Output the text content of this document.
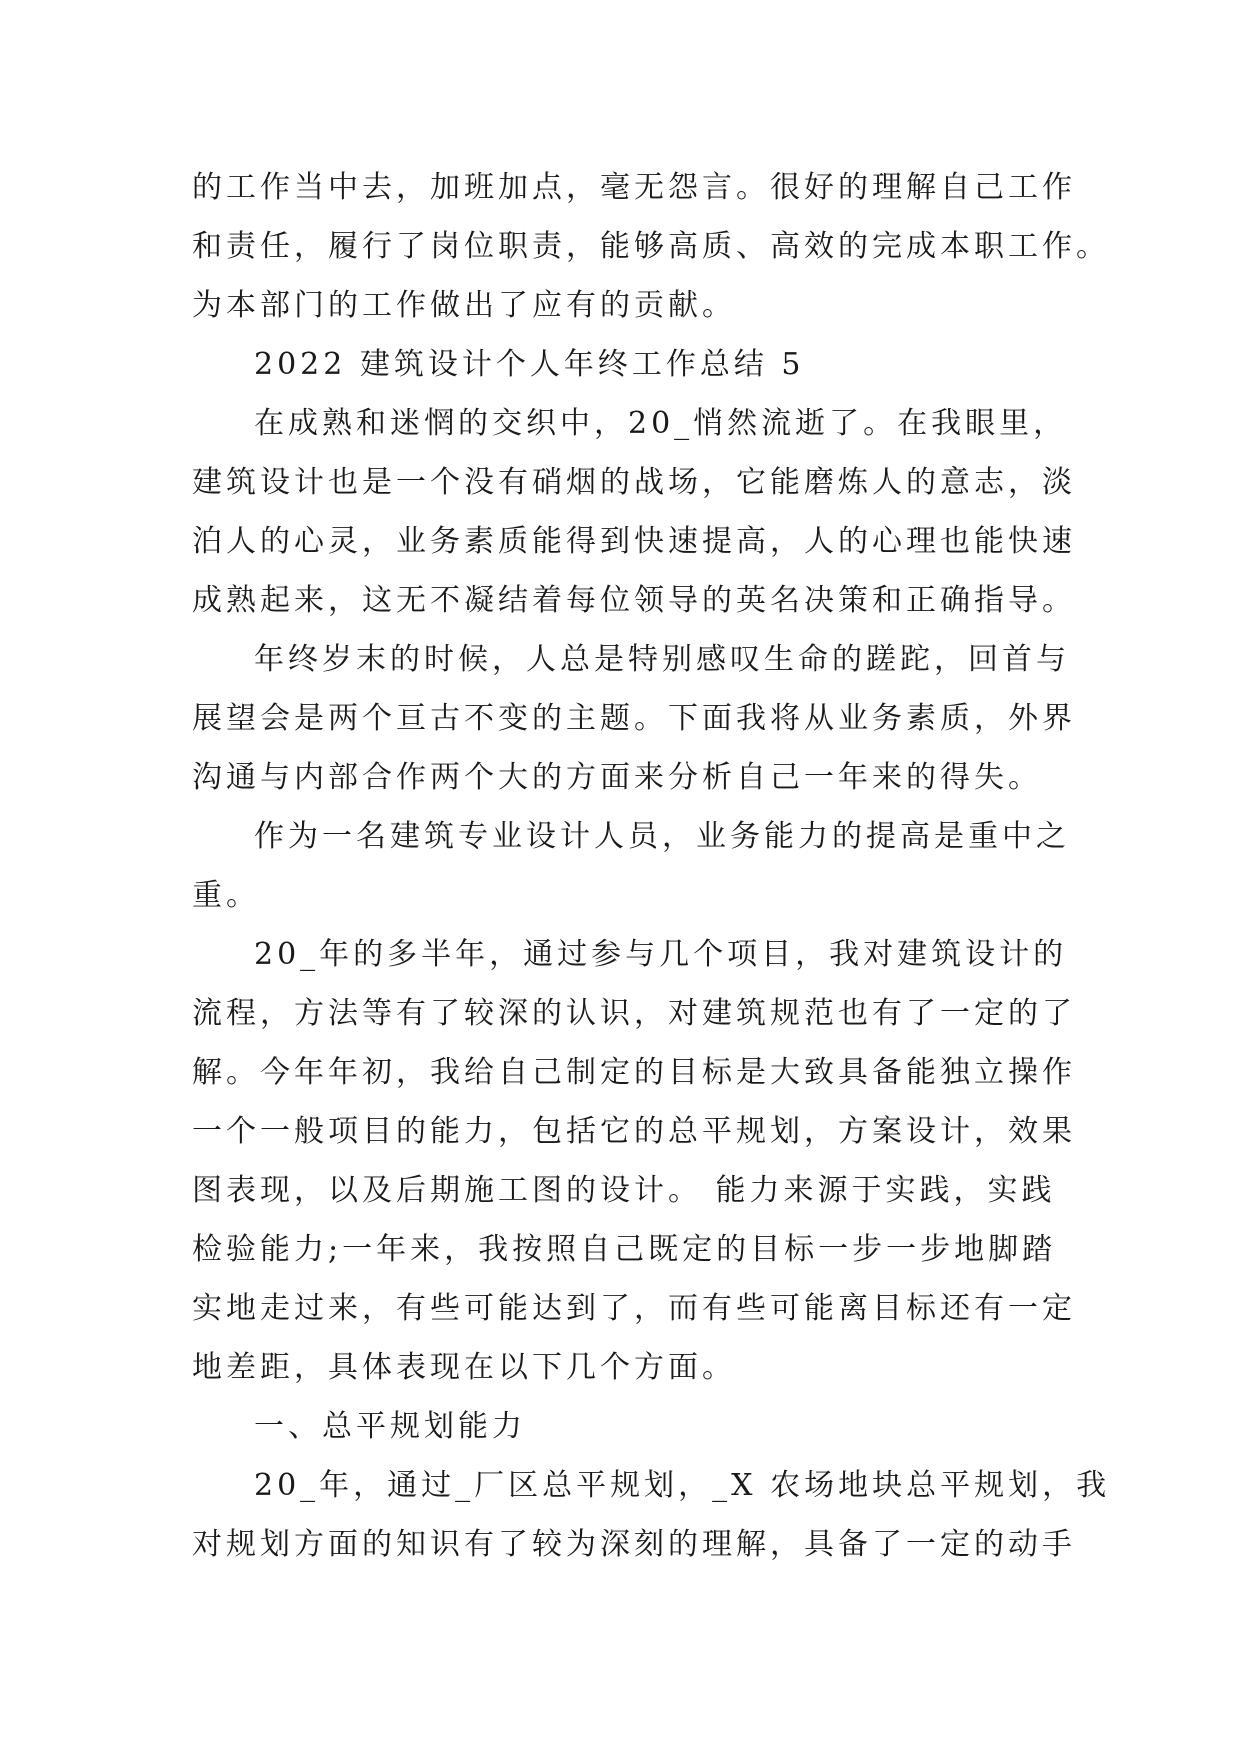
的工作当中去，加班加点，毫无怨言。很好的理解自己工作
和责任，履行了岗位职责，能够高质、高效的完成本职工作。
为本部门的工作做出了应有的贡献。
2022 建筑设计个人年终工作总结 5
在成熟和迷惘的交织中，20_悄然流逝了。在我眼里，
建筑设计也是一个没有硝烟的战场，它能磨炼人的意志，淡
泊人的心灵，业务素质能得到快速提高，人的心理也能快速
成熟起来，这无不凝结着每位领导的英名决策和正确指导。
年终岁末的时候，人总是特别感叹生命的蹉跎，回首与
展望会是两个亘古不变的主题。下面我将从业务素质，外界
沟通与内部合作两个大的方面来分析自己一年来的得失。
作为一名建筑专业设计人员，业务能力的提高是重中之
重。
20_年的多半年，通过参与几个项目，我对建筑设计的
流程，方法等有了较深的认识，对建筑规范也有了一定的了
解。今年年初，我给自己制定的目标是大致具备能独立操作
一个一般项目的能力，包括它的总平规划，方案设计，效果
图表现，以及后期施工图的设计。 能力来源于实践，实践
检验能力;一年来，我按照自己既定的目标一步一步地脚踏
实地走过来，有些可能达到了，而有些可能离目标还有一定
地差距，具体表现在以下几个方面。
一、总平规划能力
20_年，通过_厂区总平规划，_X 农场地块总平规划，我
对规划方面的知识有了较为深刻的理解，具备了一定的动手
